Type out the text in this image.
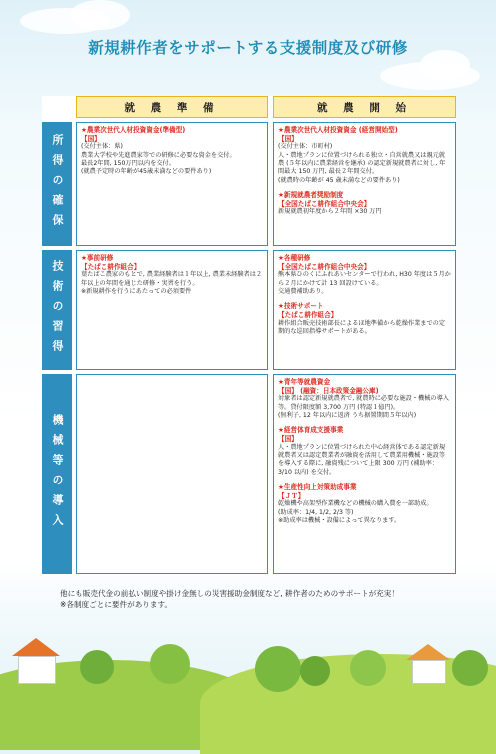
新規耕作者をサポートする支援制度及び研修
就 農 準 備	就 農 開 始
所得の確保
★農業次世代人材投資資金(準備型)
【国】
(交付主体：県)
農業大学校や先進農家等での研修に必要な資金を交付。
最長2年間, 150万円以内を交付。
(就農予定時の年齢が45歳未満などの要件あり)
★農業次世代人材投資資金 (経営開始型)
【国】
(交付主体：市町村)
人・農地プランに位置づけられる独立・自営就農又は親元就農 (５年以内に農業経営を継承) の認定新規就農者に対し, 年間最大 150 万円, 最長２年間交付。
(就農時の年齢が 45 歳未満などの要件あり)
★新規就農者奨励制度
【全国たばこ耕作組合中央会】
新規就農初年度から２年間 ×30 万円
技術の習得
★事前研修
【たばこ耕作組合】
葉たばこ農家のもとで, 農業経験者は１年以上, 農業未経験者は２年以上の年間を通じた研修・実習を行う。
※新規耕作を行うにあたっての必須要件
★各種研修
【全国たばこ耕作組合中央会】
熊本県ひのくにふれあいセンターで行われ, H30 年度は５月から２月にかけて計 13 回設けている。
交通費補助あり。
★技術サポート
【たばこ耕作組合】
耕作組合販売技術部長によるほ地準備から乾燥作業までの定期的な巡回指導サポートがある。
機械等の導入
★青年等就農資金
【国】 (融資：日本政策金融公庫)
対象者は認定新規就農者で, 就農時に必要な施設・機械の導入等。貸付限度額 3,700 万円 (特認１億円)。
(無利子, 12 年以内に返済 うち据置期間５年以内)
★経営体育成支援事業
【国】
人・農地プランに位置づけられた中心経営体である認定新規就農者又は認定農業者が融資を活用して農業用機械・施設等を導入する際に, 融資残について上限 300 万円 (補助率：3/10 以内) を交付。
★生産性向上対策助成事業
【ＪＴ】
乾燥機や高架型作業機などの機械の購入費を一部助成。
(助成率：1/4, 1/2, 2/3 等)
※助成率は機械・設備によって異なります。
他にも販売代金の前払い制度や掛け金無しの災害援助金制度など, 耕作者のためのサポートが充実！
※各制度ごとに要件があります。
